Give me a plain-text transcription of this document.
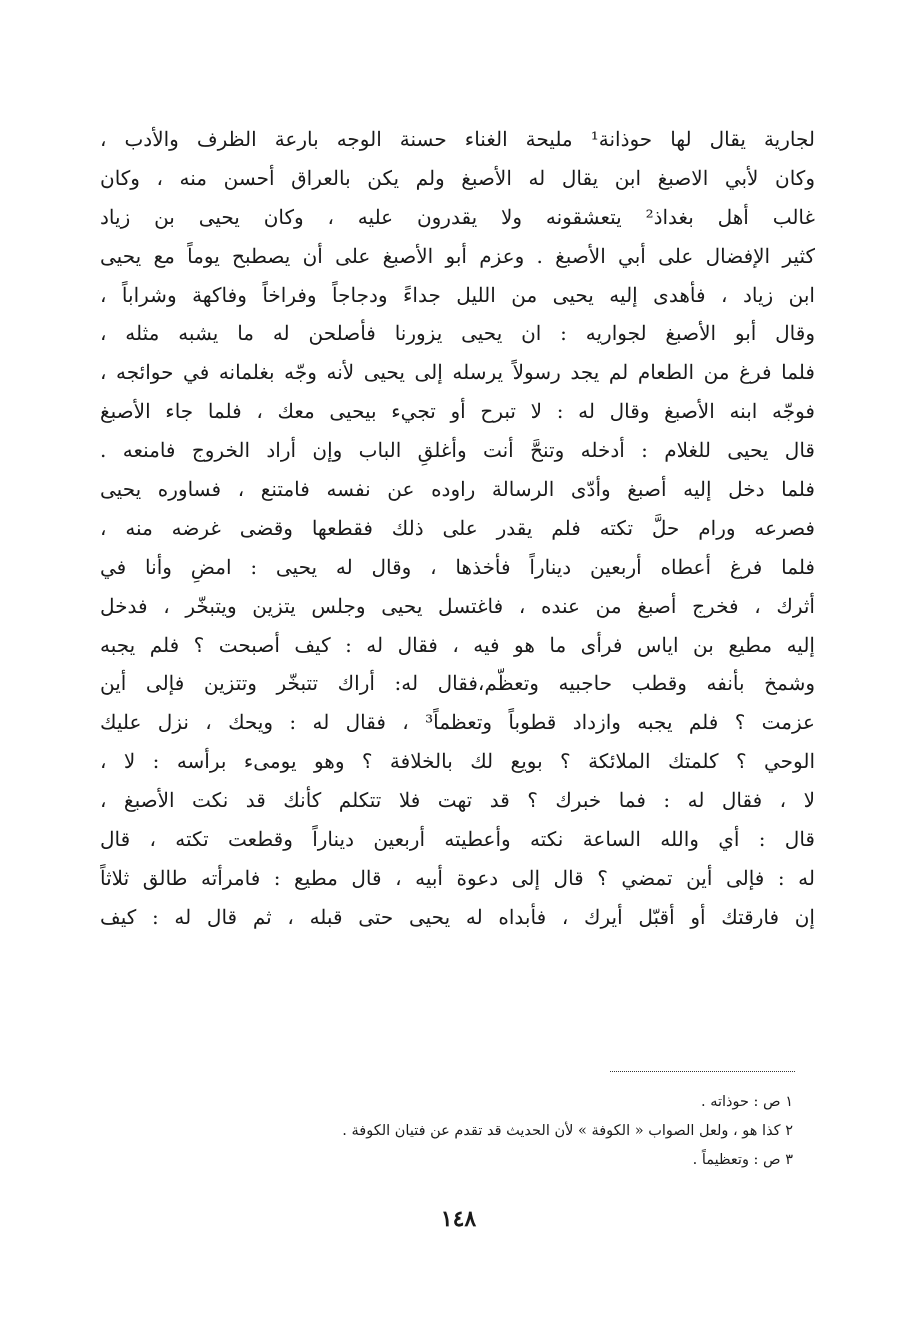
لجارية يقال لها حوذانة¹ مليحة الغناء حسنة الوجه بارعة الظرف والأدب ،
وكان لأبي الاصبغ ابن يقال له الأصبغ ولم يكن بالعراق أحسن منه ، وكان
غالب أهل بغداذ² يتعشقونه ولا يقدرون عليه ، وكان يحيى بن زياد
كثير الإفضال على أبي الأصبغ . وعزم أبو الأصبغ على أن يصطبح يوماً مع يحيى
ابن زياد ، فأهدى إليه يحيى من الليل جداءً ودجاجاً وفراخاً وفاكهة وشراباً ،
وقال أبو الأصبغ لجواريه : ان يحيى يزورنا فأصلحن له ما يشبه مثله ،
فلما فرغ من الطعام لم يجد رسولاً يرسله إلى يحيى لأنه وجّه بغلمانه في حوائجه ،
فوجّه ابنه الأصبغ وقال له : لا تبرح أو تجيء بيحيى معك ، فلما جاء الأصبغ
قال يحيى للغلام : أدخله وتنحَّ أنت وأغلقِ الباب وإن أراد الخروج فامنعه .
فلما دخل إليه أصبغ وأدّى الرسالة راوده عن نفسه فامتنع ، فساوره يحيى
فصرعه ورام حلَّ تكته فلم يقدر على ذلك فقطعها وقضى غرضه منه ،
فلما فرغ أعطاه أربعين ديناراً فأخذها ، وقال له يحيى : امضِ وأنا في
أثرك ، فخرج أصبغ من عنده ، فاغتسل يحيى وجلس يتزين ويتبخّر ، فدخل
إليه مطيع بن اياس فرأى ما هو فيه ، فقال له : كيف أصبحت ؟ فلم يجبه
وشمخ بأنفه وقطب حاجبيه وتعظّم،فقال له: أراك تتبخّر وتتزين فإلى أين
عزمت ؟ فلم يجبه وازداد قطوباً وتعظماً³ ، فقال له : ويحك ، نزل عليك
الوحي ؟ كلمتك الملائكة ؟ بويع لك بالخلافة ؟ وهو يومىء برأسه : لا ،
لا ، فقال له : فما خبرك ؟ قد تهت فلا تتكلم كأنك قد نكت الأصبغ ،
قال : أي والله الساعة نكته وأعطيته أربعين ديناراً وقطعت تكته ، قال
له : فإلى أين تمضي ؟ قال إلى دعوة أبيه ، قال مطيع : فامرأته طالق ثلاثاً
إن فارقتك أو أقبّل أيرك ، فأبداه له يحيى حتى قبله ، ثم قال له : كيف
١ ص : حوذاته .
٢ كذا هو ، ولعل الصواب « الكوفة » لأن الحديث قد تقدم عن فتيان الكوفة .
٣ ص : وتعظيماً .
١٤٨
